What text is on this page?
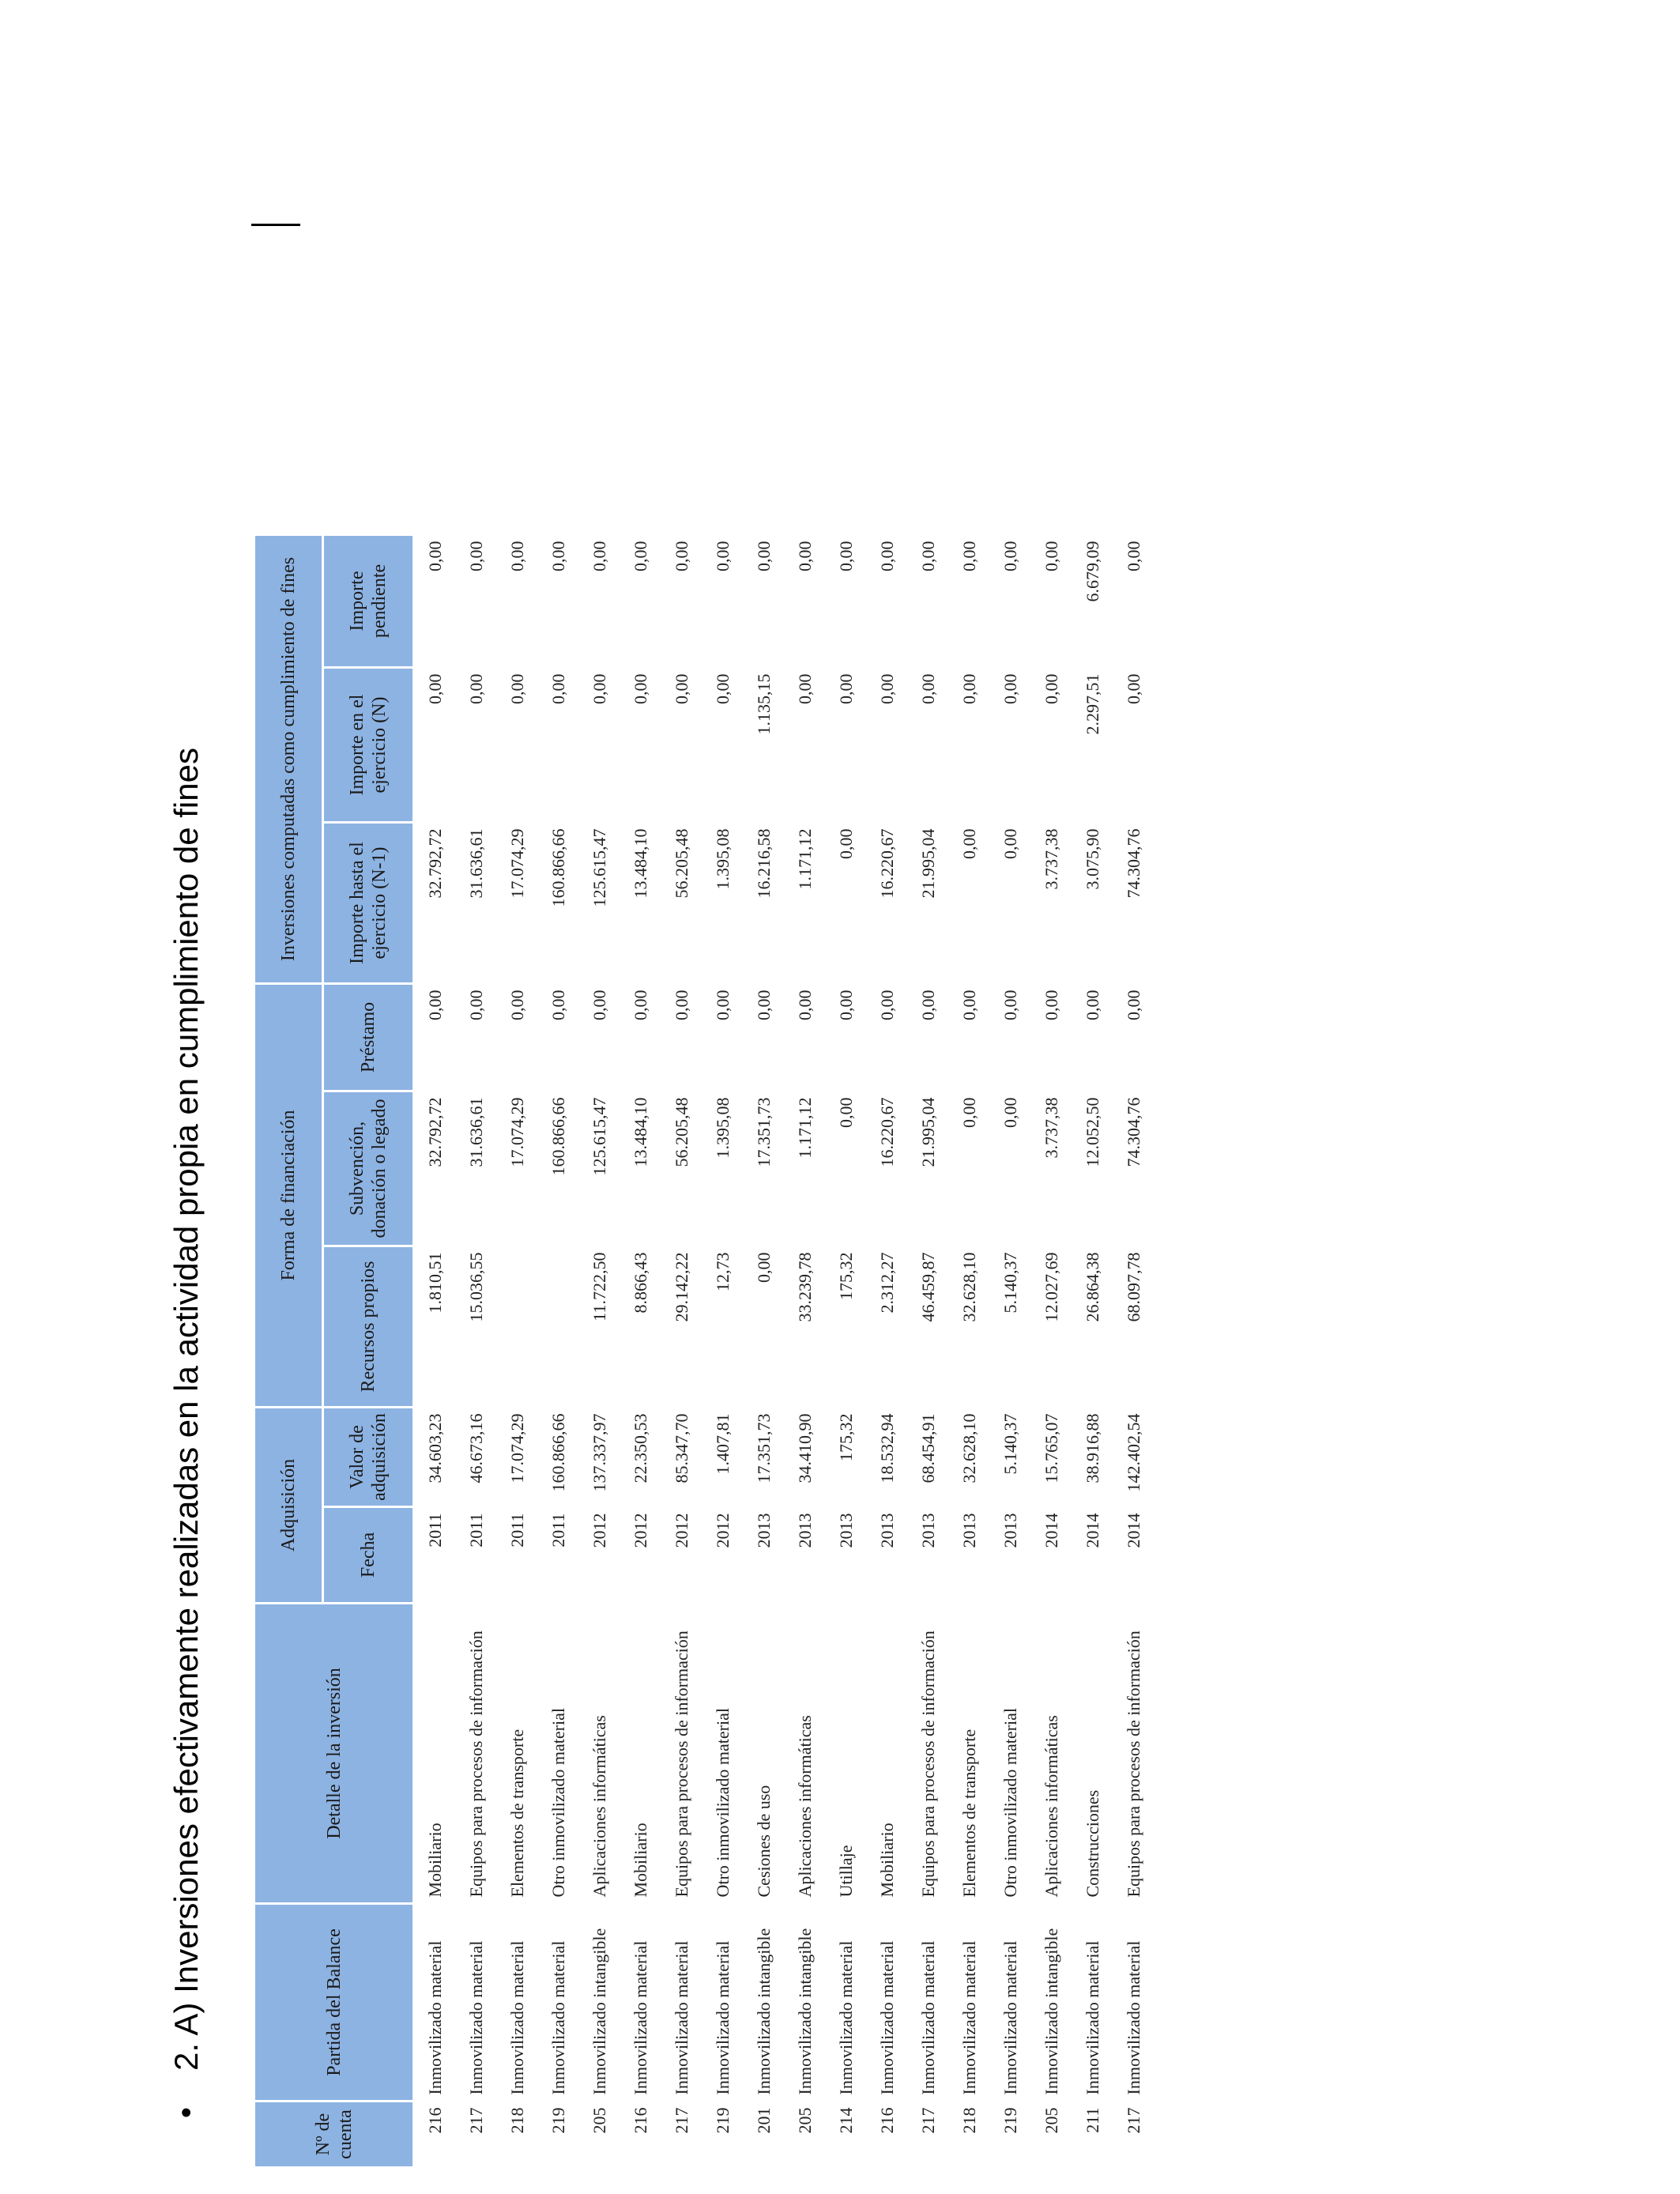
•
2. A) Inversiones efectivamente realizadas en la actividad propia en cumplimiento de fines
Nº de cuenta	Partida del Balance	Detalle de la inversión	Adquisición		Forma de financiación			Inversiones computadas como cumplimiento de fines		
			Fecha	Valor de adquisición	Recursos propios	Subvención, donación o legado	Préstamo	Importe hasta el ejercicio (N-1)	Importe en el ejercicio (N)	Importe pendiente
216	Inmovilizado material	Mobiliario	2011	34.603,23	1.810,51	32.792,72	0,00	32.792,72	0,00	0,00
217	Inmovilizado material	Equipos para procesos de información	2011	46.673,16	15.036,55	31.636,61	0,00	31.636,61	0,00	0,00
218	Inmovilizado material	Elementos de transporte	2011	17.074,29		17.074,29	0,00	17.074,29	0,00	0,00
219	Inmovilizado material	Otro inmovilizado material	2011	160.866,66		160.866,66	0,00	160.866,66	0,00	0,00
205	Inmovilizado intangible	Aplicaciones informáticas	2012	137.337,97	11.722,50	125.615,47	0,00	125.615,47	0,00	0,00
216	Inmovilizado material	Mobiliario	2012	22.350,53	8.866,43	13.484,10	0,00	13.484,10	0,00	0,00
217	Inmovilizado material	Equipos para procesos de información	2012	85.347,70	29.142,22	56.205,48	0,00	56.205,48	0,00	0,00
219	Inmovilizado material	Otro inmovilizado material	2012	1.407,81	12,73	1.395,08	0,00	1.395,08	0,00	0,00
201	Inmovilizado intangible	Cesiones de uso	2013	17.351,73	0,00	17.351,73	0,00	16.216,58	1.135,15	0,00
205	Inmovilizado intangible	Aplicaciones informáticas	2013	34.410,90	33.239,78	1.171,12	0,00	1.171,12	0,00	0,00
214	Inmovilizado material	Utillaje	2013	175,32	175,32	0,00	0,00	0,00	0,00	0,00
216	Inmovilizado material	Mobiliario	2013	18.532,94	2.312,27	16.220,67	0,00	16.220,67	0,00	0,00
217	Inmovilizado material	Equipos para procesos de información	2013	68.454,91	46.459,87	21.995,04	0,00	21.995,04	0,00	0,00
218	Inmovilizado material	Elementos de transporte	2013	32.628,10	32.628,10	0,00	0,00	0,00	0,00	0,00
219	Inmovilizado material	Otro inmovilizado material	2013	5.140,37	5.140,37	0,00	0,00	0,00	0,00	0,00
205	Inmovilizado intangible	Aplicaciones informáticas	2014	15.765,07	12.027,69	3.737,38	0,00	3.737,38	0,00	0,00
211	Inmovilizado material	Construcciones	2014	38.916,88	26.864,38	12.052,50	0,00	3.075,90	2.297,51	6.679,09
217	Inmovilizado material	Equipos para procesos de información	2014	142.402,54	68.097,78	74.304,76	0,00	74.304,76	0,00	0,00
